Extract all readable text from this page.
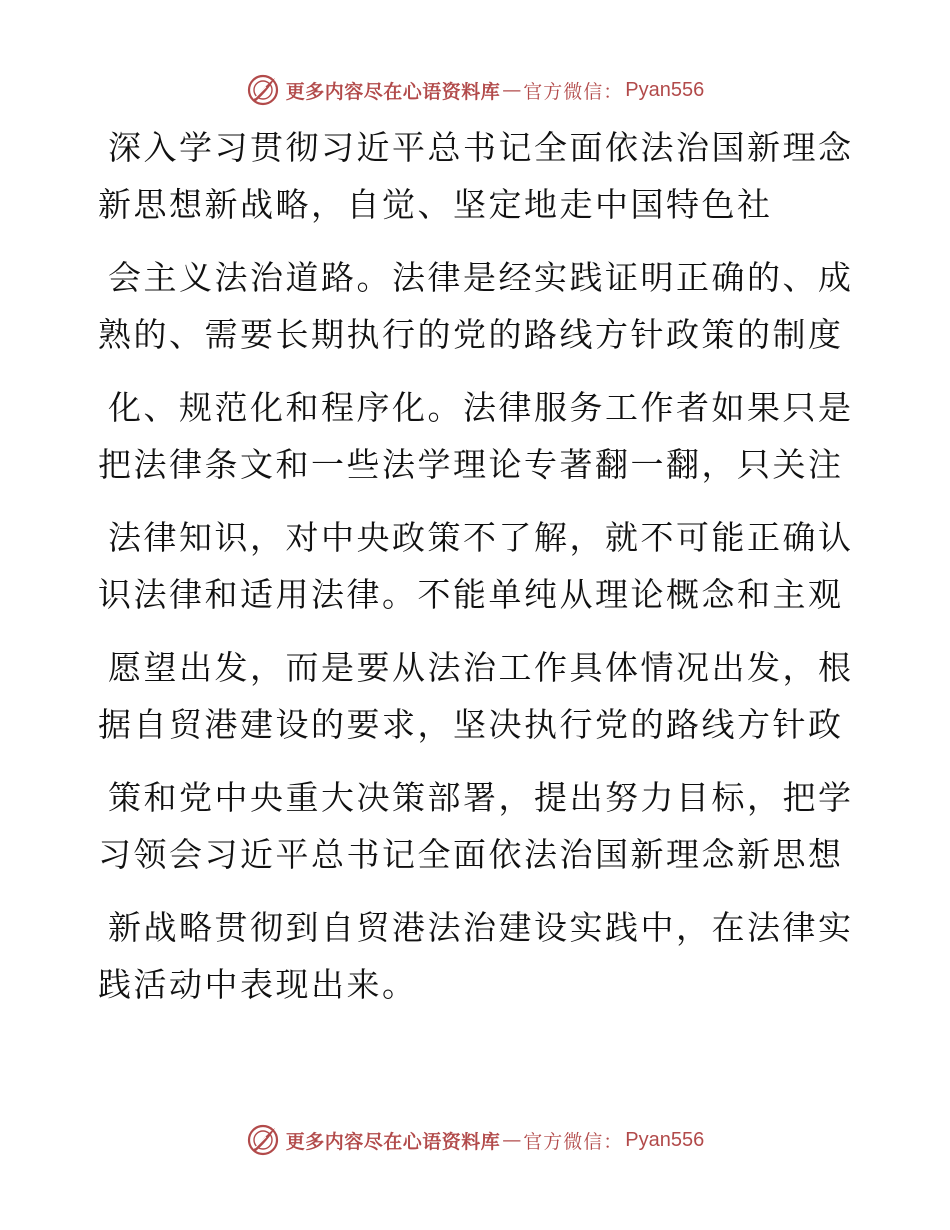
更多内容尽在心语资料库 — 官方微信： Pyan556
深入学习贯彻习近平总书记全面依法治国新理念
新思想新战略，自觉、坚定地走中国特色社
会主义法治道路。法律是经实践证明正确的、成
熟的、需要长期执行的党的路线方针政策的制度
化、规范化和程序化。法律服务工作者如果只是
把法律条文和一些法学理论专著翻一翻，只关注
法律知识，对中央政策不了解，就不可能正确认
识法律和适用法律。不能单纯从理论概念和主观
愿望出发，而是要从法治工作具体情况出发，根
据自贸港建设的要求，坚决执行党的路线方针政
策和党中央重大决策部署，提出努力目标，把学
习领会习近平总书记全面依法治国新理念新思想
新战略贯彻到自贸港法治建设实践中，在法律实
践活动中表现出来。
更多内容尽在心语资料库 — 官方微信： Pyan556
